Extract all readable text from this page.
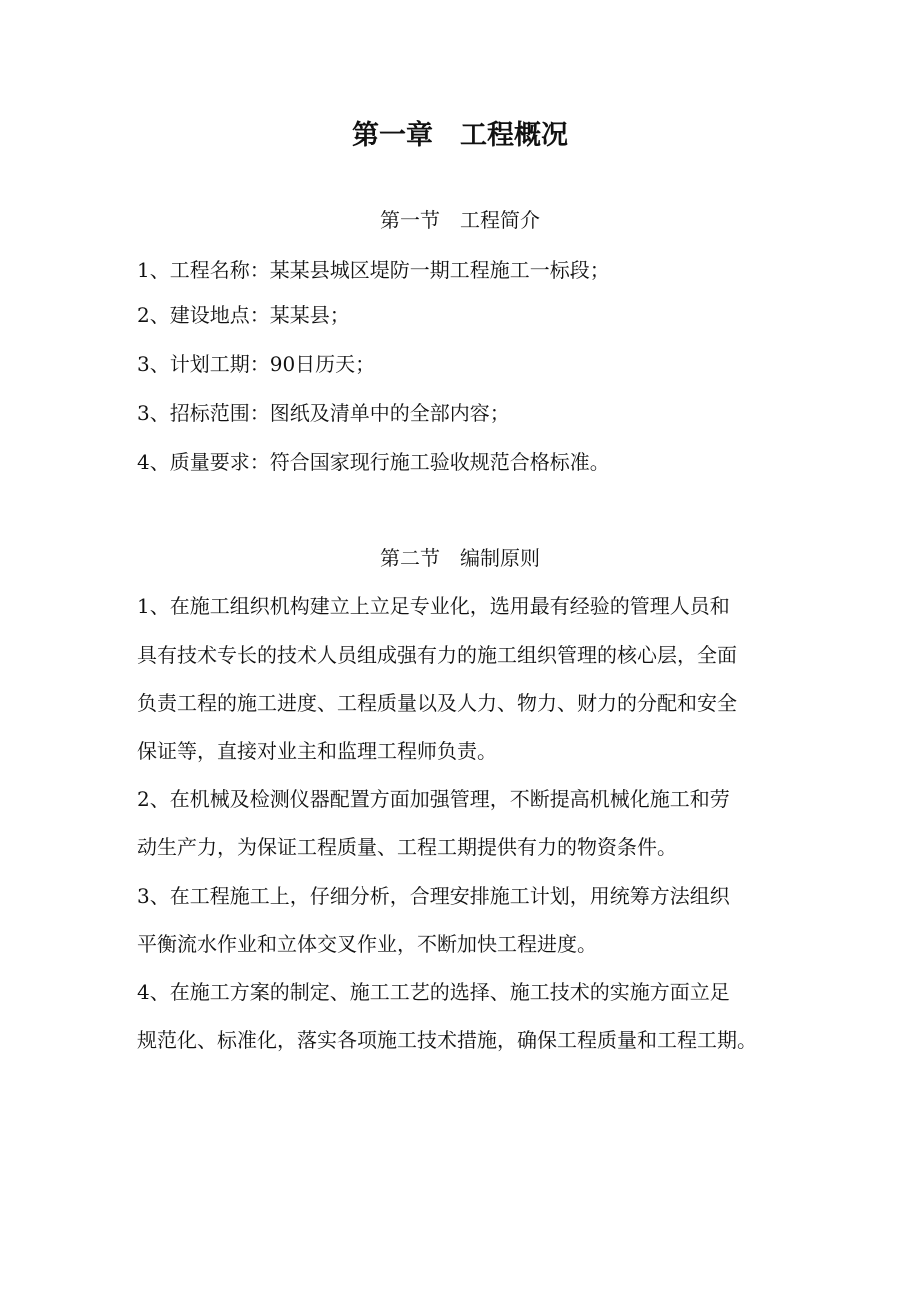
第一章　工程概况
第一节　工程简介
1、工程名称：某某县城区堤防一期工程施工一标段；
2、建设地点：某某县；
3、计划工期：90日历天；
3、招标范围：图纸及清单中的全部内容；
4、质量要求：符合国家现行施工验收规范合格标准。
第二节　编制原则
1、在施工组织机构建立上立足专业化，选用最有经验的管理人员和
具有技术专长的技术人员组成强有力的施工组织管理的核心层，全面
负责工程的施工进度、工程质量以及人力、物力、财力的分配和安全
保证等，直接对业主和监理工程师负责。
2、在机械及检测仪器配置方面加强管理，不断提高机械化施工和劳
动生产力，为保证工程质量、工程工期提供有力的物资条件。
3、在工程施工上，仔细分析，合理安排施工计划，用统筹方法组织
平衡流水作业和立体交叉作业，不断加快工程进度。
4、在施工方案的制定、施工工艺的选择、施工技术的实施方面立足
规范化、标准化，落实各项施工技术措施，确保工程质量和工程工期。
